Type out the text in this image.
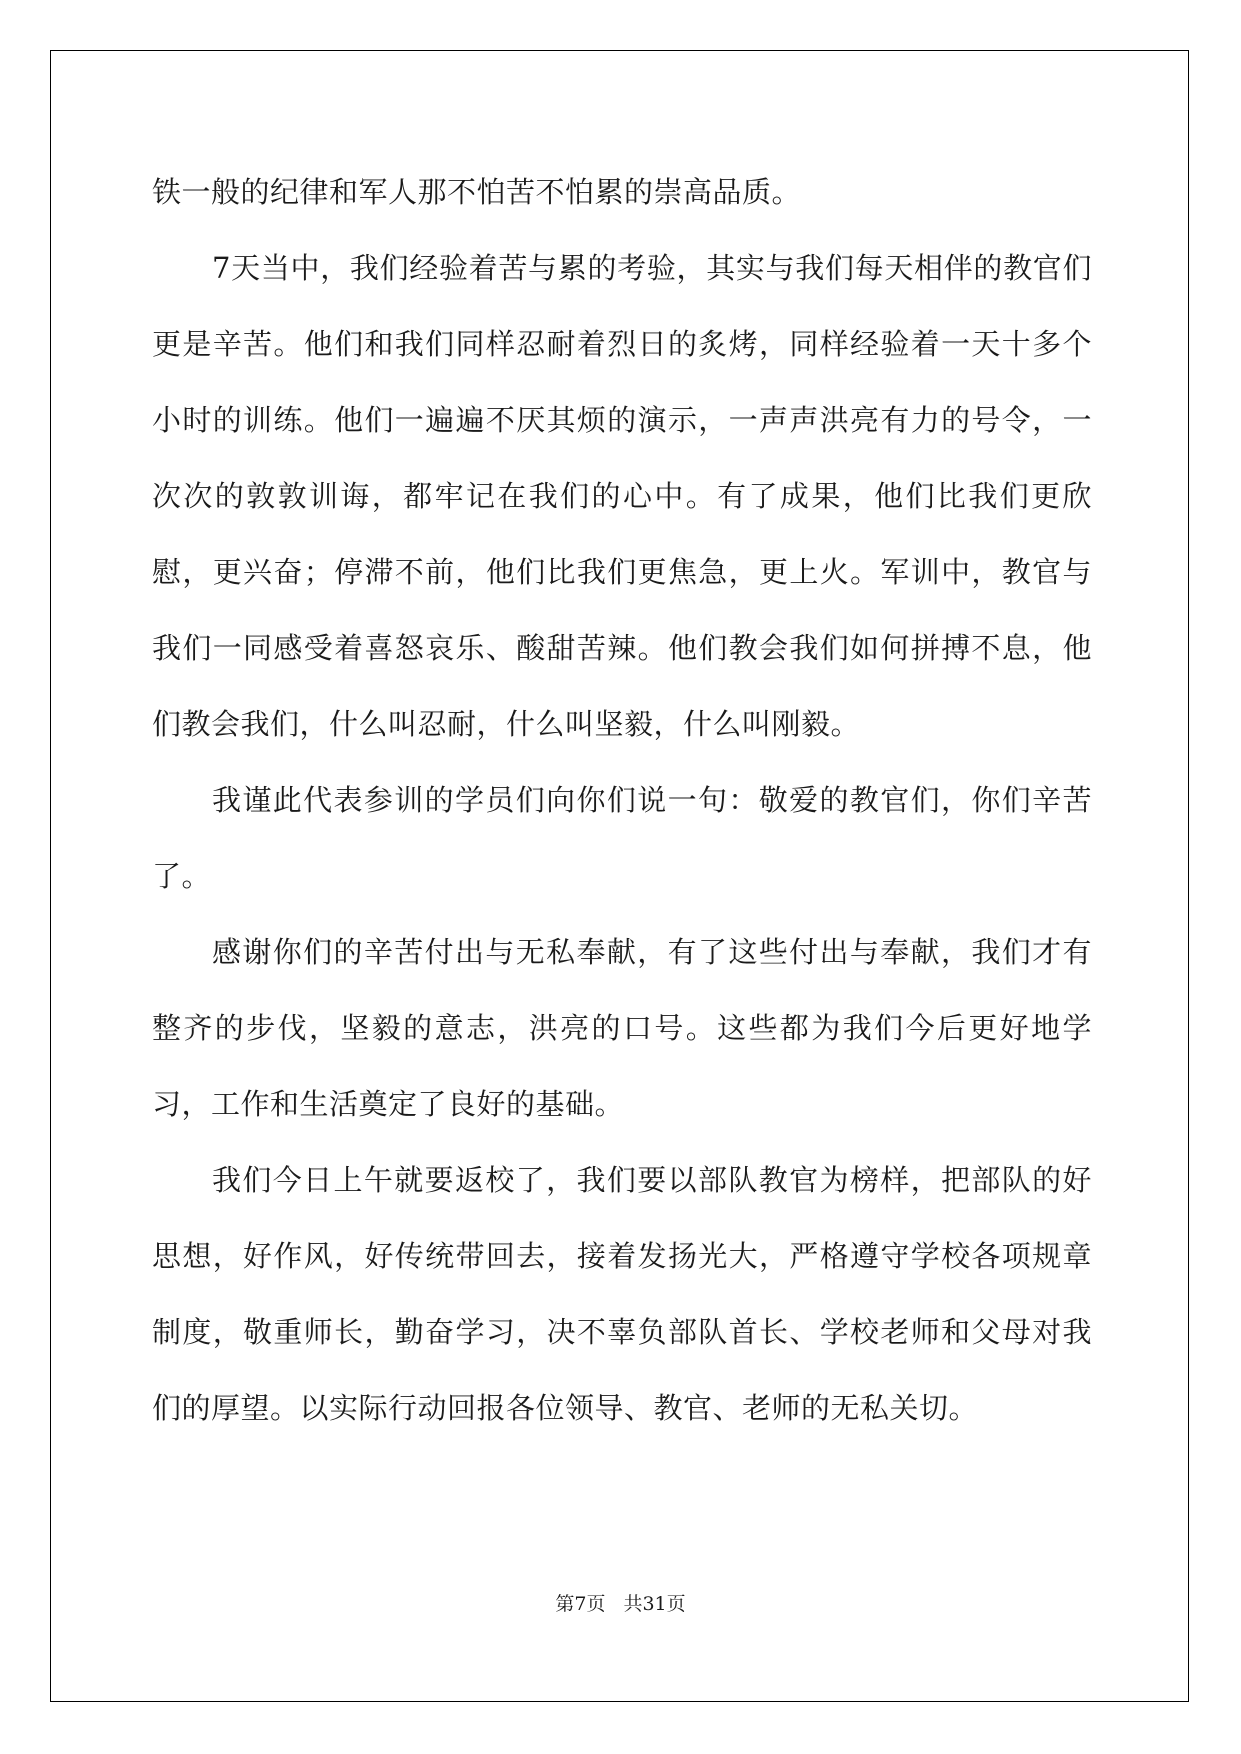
铁一般的纪律和军人那不怕苦不怕累的崇高品质。

7天当中，我们经验着苦与累的考验，其实与我们每天相伴的教官们更是辛苦。他们和我们同样忍耐着烈日的炙烤，同样经验着一天十多个小时的训练。他们一遍遍不厌其烦的演示，一声声洪亮有力的号令，一次次的敦敦训诲，都牢记在我们的心中。有了成果，他们比我们更欣慰，更兴奋；停滞不前，他们比我们更焦急，更上火。军训中，教官与我们一同感受着喜怒哀乐、酸甜苦辣。他们教会我们如何拼搏不息，他们教会我们，什么叫忍耐，什么叫坚毅，什么叫刚毅。

我谨此代表参训的学员们向你们说一句：敬爱的教官们，你们辛苦了。

感谢你们的辛苦付出与无私奉献，有了这些付出与奉献，我们才有整齐的步伐，坚毅的意志，洪亮的口号。这些都为我们今后更好地学习，工作和生活奠定了良好的基础。

我们今日上午就要返校了，我们要以部队教官为榜样，把部队的好思想，好作风，好传统带回去，接着发扬光大，严格遵守学校各项规章制度，敬重师长，勤奋学习，决不辜负部队首长、学校老师和父母对我们的厚望。以实际行动回报各位领导、教官、老师的无私关切。

第7页 共31页
